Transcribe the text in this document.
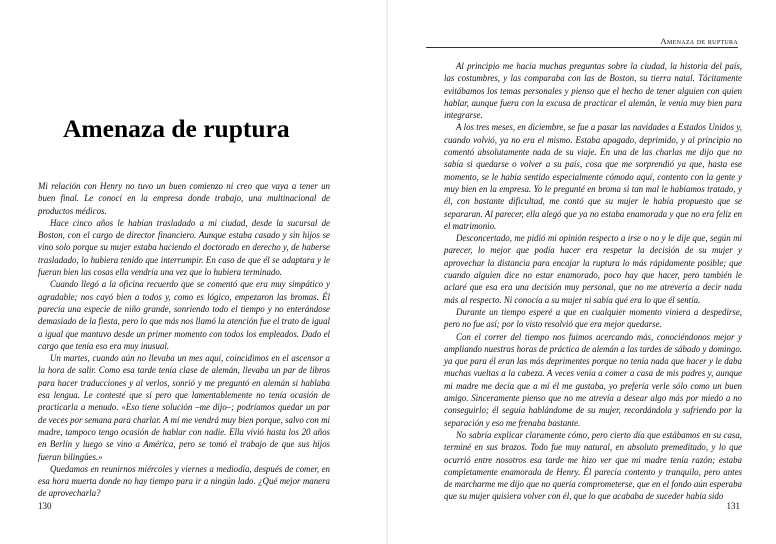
Amenaza de ruptura

Mi relación con Henry no tuvo un buen comienzo ni creo que vaya a tener un buen final. Le conocí en la empresa donde trabajo, una multinacional de productos médicos.

Hace cinco años le habían trasladado a mi ciudad, desde la sucursal de Boston, con el cargo de director financiero. Aunque estaba casado y sin hijos se vino solo porque su mujer estaba haciendo el doctorado en derecho y, de haberse trasladado, lo hubiera tenido que interrumpir. En caso de que él se adaptara y le fueran bien las cosas ella vendría una vez que lo hubiera terminado.

Cuando llegó a la oficina recuerdo que se comentó que era muy simpático y agradable; nos cayó bien a todos y, como es lógico, empezaron las bromas. Él parecía una especie de niño grande, sonriendo todo el tiempo y no enterándose demasiado de la fiesta, pero lo que más nos llamó la atención fue el trato de igual a igual que mantuvo desde un primer momento con todos los empleados. Dado el cargo que tenía eso era muy inusual.

Un martes, cuando aún no llevaba un mes aquí, coincidimos en el ascensor a la hora de salir. Como esa tarde tenía clase de alemán, llevaba un par de libros para hacer traducciones y al verlos, sonrió y me preguntó en alemán si hablaba esa lengua. Le contesté que sí pero que lamentablemente no tenía ocasión de practicarla a menudo. «Eso tiene solución –me dijo–; podríamos quedar un par de veces por semana para charlar. A mí me vendrá muy bien porque, salvo con mi madre, tampoco tengo ocasión de hablar con nadie. Ella vivió hasta los 20 años en Berlín y luego se vino a América, pero se tomó el trabajo de que sus hijos fueran bilingües.»

Quedamos en reunirnos miércoles y viernes a mediodía, después de comer, en esa hora muerta donde no hay tiempo para ir a ningún lado. ¿Qué mejor manera de aprovecharla?

130
Amenaza de ruptura

Al principio me hacía muchas preguntas sobre la ciudad, la historia del país, las costumbres, y las comparaba con las de Boston, su tierra natal. Tácitamente evitábamos los temas personales y pienso que el hecho de tener alguien con quien hablar, aunque fuera con la excusa de practicar el alemán, le venía muy bien para integrarse.

A los tres meses, en diciembre, se fue a pasar las navidades a Estados Unidos y, cuando volvió, ya no era el mismo. Estaba apagado, deprimido, y al principio no comentó absolutamente nada de su viaje. En una de las charlas me dijo que no sabía si quedarse o volver a su país, cosa que me sorprendió ya que, hasta ese momento, se le había sentido especialmente cómodo aquí, contento con la gente y muy bien en la empresa. Yo le pregunté en broma si tan mal le habíamos tratado, y él, con bastante dificultad, me contó que su mujer le había propuesto que se separaran. Al parecer, ella alegó que ya no estaba enamorada y que no era feliz en el matrimonio.

Desconcertado, me pidió mi opinión respecto a irse o no y le dije que, según mi parecer, lo mejor que podía hacer era respetar la decisión de su mujer y aprovechar la distancia para encajar la ruptura lo más rápidamente posible; que cuando alguien dice no estar enamorado, poco hay que hacer, pero también le aclaré que esa era una decisión muy personal, que no me atrevería a decir nada más al respecto. Ni conocía a su mujer ni sabía qué era lo que él sentía.

Durante un tiempo esperé a que en cualquier momento viniera a despedirse, pero no fue así; por lo visto resolvió que era mejor quedarse.

Con el correr del tiempo nos fuimos acercando más, conociéndonos mejor y ampliando nuestras horas de práctica de alemán a las tardes de sábado y domingo. ya que para él eran las más deprimentes porque no tenía nada que hacer y le daba muchas vueltas a la cabeza. A veces venía a comer a casa de mis padres y, aunque mi madre me decía que a mí él me gustaba, yo prefería verle sólo como un buen amigo. Sinceramente pienso que no me atrevía a desear algo más por miedo a no conseguirlo; él seguía hablándome de su mujer, recordándola y sufriendo por la separación y eso me frenaba bastante.

No sabría explicar claramente cómo, pero cierto día que estábamos en su casa, terminé en sus brazos. Todo fue muy natural, en absoluto premeditado, y lo que ocurrió entre nosotros esa tarde me hizo ver que mi madre tenía razón; estaba completamente enamorada de Henry. Él parecía contento y tranquilo, pero antes de marcharme me dijo que no quería comprometerse, que en el fondo aún esperaba que su mujer quisiera volver con él, que lo que acababa de suceder había sido

131
